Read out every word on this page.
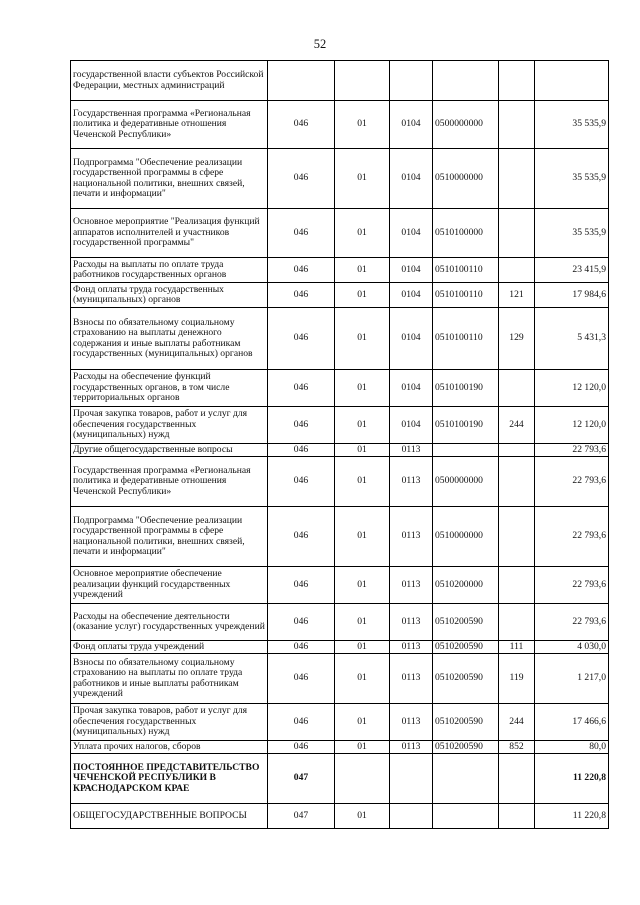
52
государственной власти субъектов Российской Федерации, местных администраций						
Государственная программа «Региональная политика и федеративные отношения Чеченской Республики»	046	01	0104	0500000000		35 535,9
Подпрограмма "Обеспечение реализации государственной программы в сфере национальной политики, внешних связей, печати и информации"	046	01	0104	0510000000		35 535,9
Основное мероприятие "Реализация функций аппаратов исполнителей и участников государственной программы"	046	01	0104	0510100000		35 535,9
Расходы на выплаты по оплате труда работников государственных органов	046	01	0104	0510100110		23 415,9
Фонд оплаты труда государственных (муниципальных) органов	046	01	0104	0510100110	121	17 984,6
Взносы по обязательному социальному страхованию на выплаты денежного содержания и иные выплаты работникам государственных (муниципальных) органов	046	01	0104	0510100110	129	5 431,3
Расходы на обеспечение функций государственных органов, в том числе территориальных органов	046	01	0104	0510100190		12 120,0
Прочая закупка товаров, работ и услуг для обеспечения государственных (муниципальных) нужд	046	01	0104	0510100190	244	12 120,0
Другие общегосударственные вопросы	046	01	0113			22 793,6
Государственная программа «Региональная политика и федеративные отношения Чеченской Республики»	046	01	0113	0500000000		22 793,6
Подпрограмма "Обеспечение реализации государственной программы в сфере национальной политики, внешних связей, печати и информации"	046	01	0113	0510000000		22 793,6
Основное мероприятие обеспечение реализации функций государственных учреждений	046	01	0113	0510200000		22 793,6
Расходы на обеспечение деятельности (оказание услуг) государственных учреждений	046	01	0113	0510200590		22 793,6
Фонд оплаты труда учреждений	046	01	0113	0510200590	111	4 030,0
Взносы по обязательному социальному страхованию на выплаты по оплате труда работников и иные выплаты работникам учреждений	046	01	0113	0510200590	119	1 217,0
Прочая закупка товаров, работ и услуг для обеспечения государственных (муниципальных) нужд	046	01	0113	0510200590	244	17 466,6
Уплата прочих налогов, сборов	046	01	0113	0510200590	852	80,0
ПОСТОЯННОЕ ПРЕДСТАВИТЕЛЬСТВО ЧЕЧЕНСКОЙ РЕСПУБЛИКИ В КРАСНОДАРСКОМ КРАЕ	047					11 220,8
ОБЩЕГОСУДАРСТВЕННЫЕ ВОПРОСЫ	047	01				11 220,8
